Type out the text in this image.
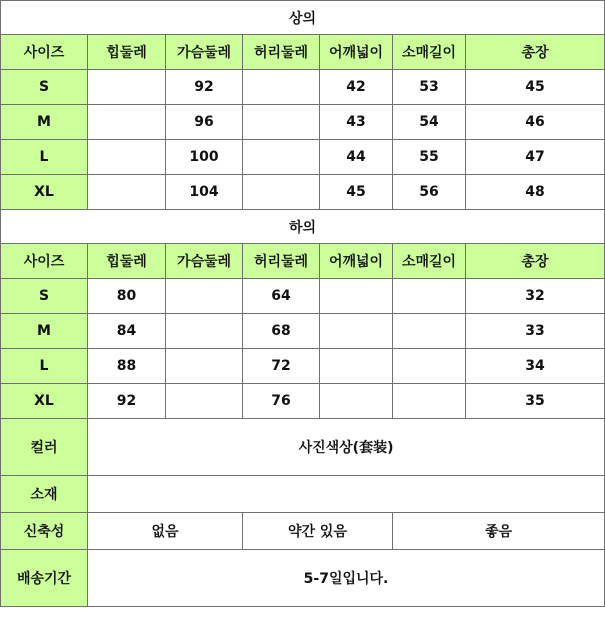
상의						
사이즈	힙둘레	가슴둘레	허리둘레	어깨넓이	소매길이	총장
S		92		42	53	45
M		96		43	54	46
L		100		44	55	47
XL		104		45	56	48
하의						
사이즈	힙둘레	가슴둘레	허리둘레	어깨넓이	소매길이	총장
S	80		64			32
M	84		68			33
L	88		72			34
XL	92		76			35
컬러	사진색상(套装)					
소재						
신축성	없음		약간 있음		좋음	
배송기간	5-7일입니다.					
